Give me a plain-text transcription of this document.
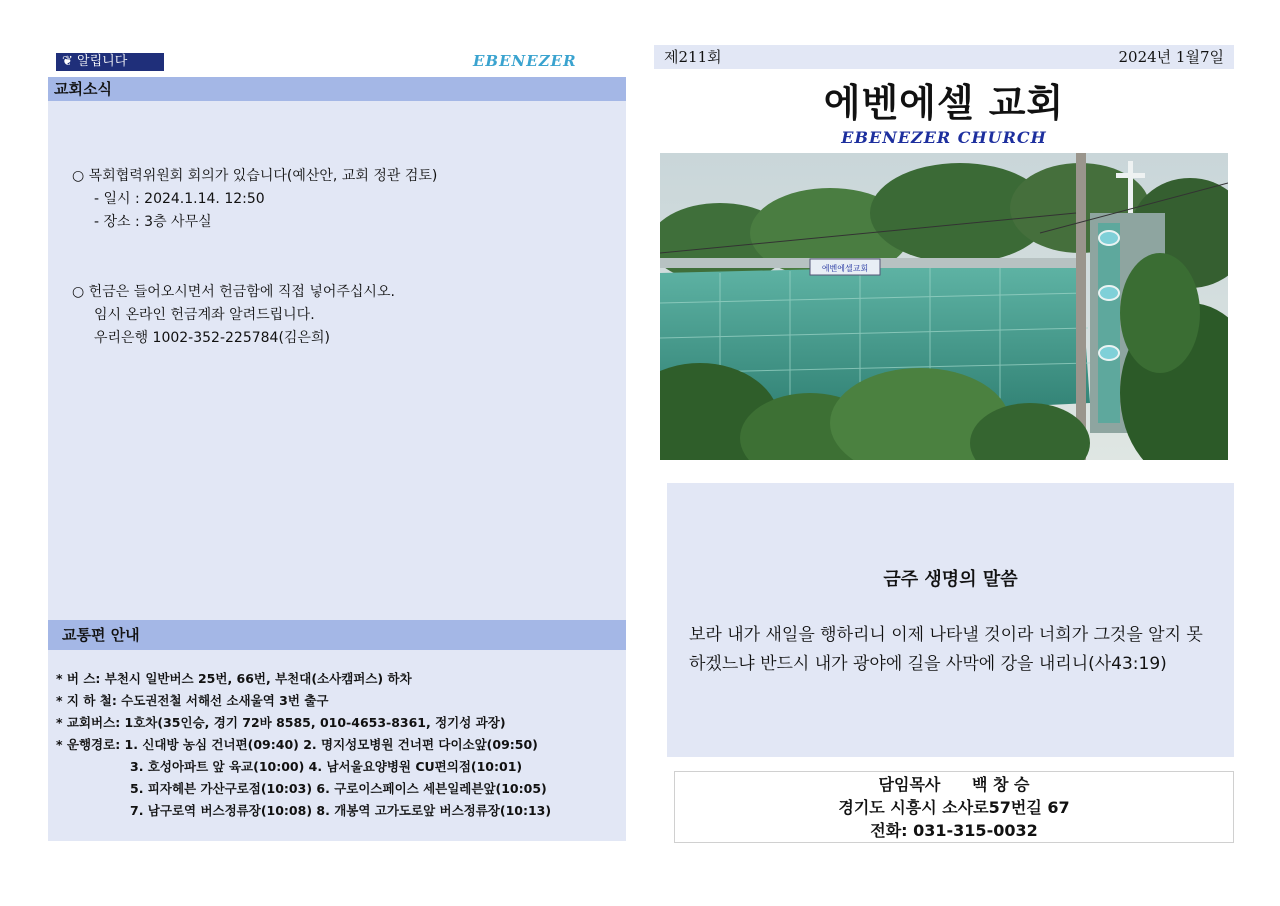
❦ 알립니다	EBENEZER
교회소식
○ 목회협력위원회 회의가 있습니다(예산안, 교회 정관 검토)
- 일시 : 2024.1.14. 12:50
- 장소 : 3층 사무실
○ 헌금은 들어오시면서 헌금함에 직접 넣어주십시오.
임시 온라인 헌금계좌 알려드립니다.
우리은행 1002-352-225784(김은희)
교통편 안내
* 버 스: 부천시 일반버스 25번, 66번, 부천대(소사캠퍼스) 하차
* 지 하 철: 수도권전철 서해선 소새울역 3번 출구
* 교회버스: 1호차(35인승, 경기 72바 8585, 010-4653-8361, 정기성 과장)
* 운행경로: 1. 신대방 농심 건너편(09:40) 2. 명지성모병원 건너편 다이소앞(09:50)
3. 호성아파트 앞 육교(10:00) 4. 남서울요양병원 CU편의점(10:01)
5. 피자헤븐 가산구로점(10:03) 6. 구로이스페이스 세븐일레븐앞(10:05)
7. 남구로역 버스정류장(10:08) 8. 개봉역 고가도로앞 버스정류장(10:13)
제211회	2024년 1월7일
에벤에셀 교회
EBENEZER CHURCH
에벤에셀교회
금주 생명의 말씀
보라 내가 새일을 행하리니 이제 나타낼 것이라 너희가 그것을 알지 못하겠느냐 반드시 내가 광야에 길을 사막에 강을 내리니(사43:19)
담임목사 백 창 승
경기도 시흥시 소사로57번길 67
전화: 031-315-0032
